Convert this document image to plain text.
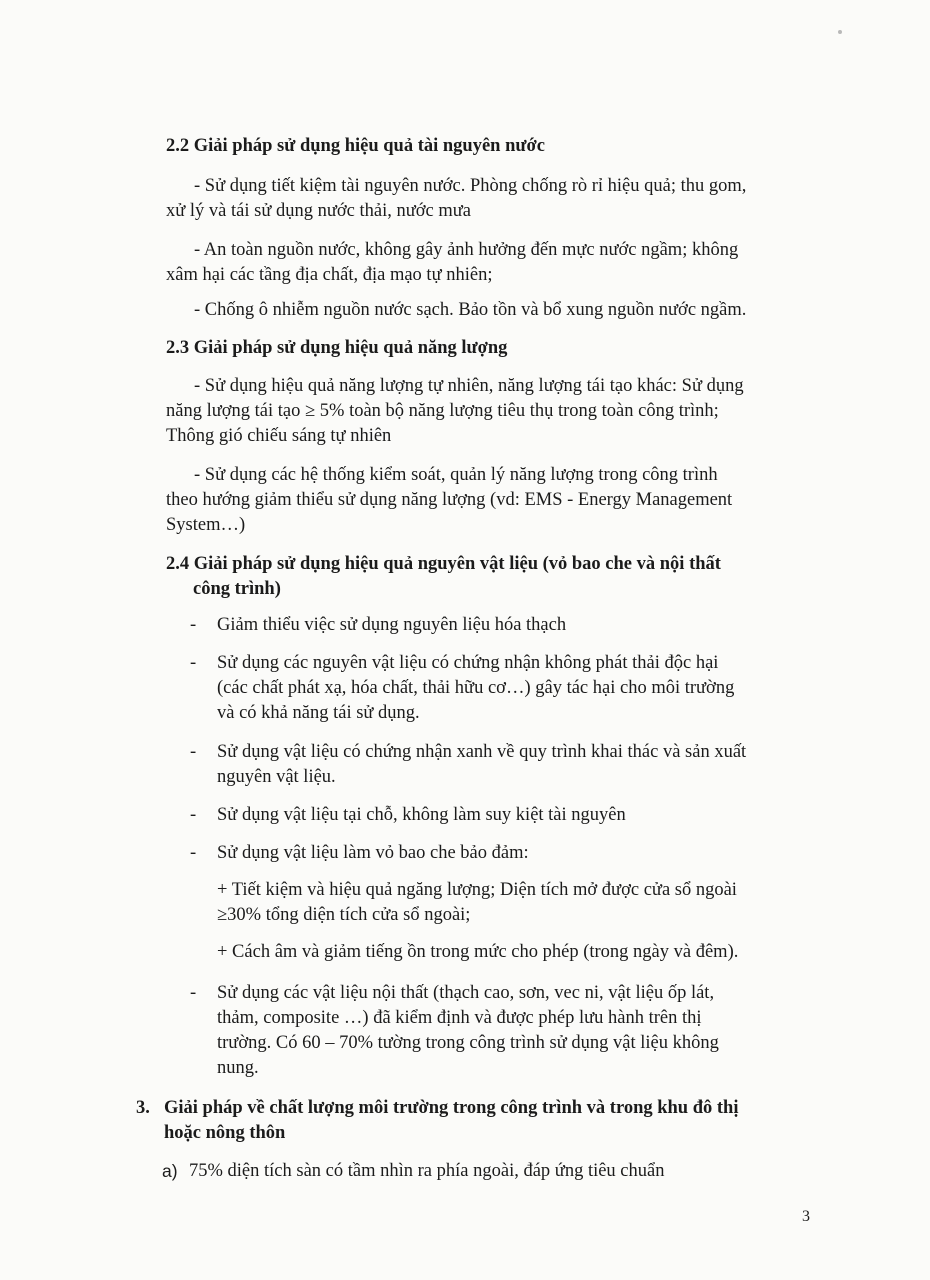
2.2 Giải pháp sử dụng hiệu quả tài nguyên nước
- Sử dụng tiết kiệm tài nguyên nước. Phòng chống rò rỉ hiệu quả; thu gom,
xử lý và tái sử dụng nước thải, nước mưa
- An toàn nguồn nước, không gây ảnh hưởng đến mực nước ngầm; không
xâm hại các tầng địa chất, địa mạo tự nhiên;
- Chống ô nhiễm nguồn nước sạch. Bảo tồn và bổ xung nguồn nước ngầm.
2.3 Giải pháp sử dụng hiệu quả năng lượng
- Sử dụng hiệu quả năng lượng tự nhiên, năng lượng tái tạo khác: Sử dụng
năng lượng tái tạo ≥ 5% toàn bộ năng lượng tiêu thụ trong toàn công trình;
Thông gió chiếu sáng tự nhiên
- Sử dụng các hệ thống kiểm soát, quản lý năng lượng trong công trình
theo hướng giảm thiểu sử dụng năng lượng (vd: EMS - Energy Management
System…)
2.4 Giải pháp sử dụng hiệu quả nguyên vật liệu (vỏ bao che và nội thất
công trình)
- Giảm thiểu việc sử dụng nguyên liệu hóa thạch
- Sử dụng các nguyên vật liệu có chứng nhận không phát thải độc hại
(các chất phát xạ, hóa chất, thải hữu cơ…) gây tác hại cho môi trường
và có khả năng tái sử dụng.
- Sử dụng vật liệu có chứng nhận xanh về quy trình khai thác và sản xuất
nguyên vật liệu.
- Sử dụng vật liệu tại chỗ, không làm suy kiệt tài nguyên
- Sử dụng vật liệu làm vỏ bao che bảo đảm:
+ Tiết kiệm và hiệu quả ngăng lượng; Diện tích mở được cửa sổ ngoài
≥30% tổng diện tích cửa sổ ngoài;
+ Cách âm và giảm tiếng ồn trong mức cho phép (trong ngày và đêm).
- Sử dụng các vật liệu nội thất (thạch cao, sơn, vec ni, vật liệu ốp lát,
thảm, composite …) đã kiểm định và được phép lưu hành trên thị
trường. Có 60 – 70% tường trong công trình sử dụng vật liệu không
nung.
3. Giải pháp về chất lượng môi trường trong công trình và trong khu đô thị
hoặc nông thôn
a) 75% diện tích sàn có tầm nhìn ra phía ngoài, đáp ứng tiêu chuẩn
3
